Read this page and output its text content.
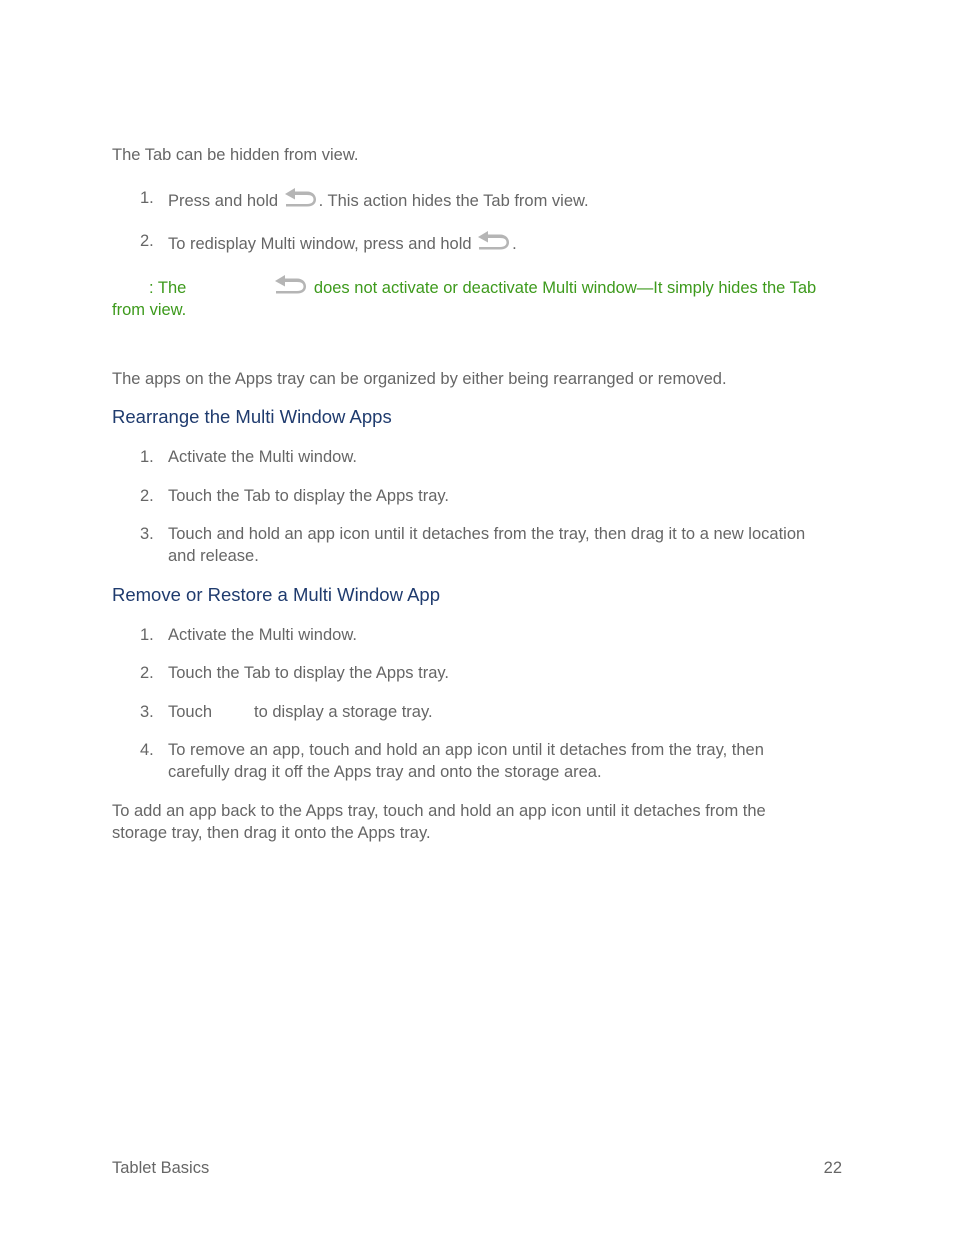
The Tab can be hidden from view.

1. Press and hold . This action hides the Tab from view.
2. To redisplay Multi window, press and hold .
: The	does not activate or deactivate Multi window—It simply hides the Tab
from view.

The apps on the Apps tray can be organized by either being rearranged or removed.

Rearrange the Multi Window Apps
1. Activate the Multi window.
2. Touch the Tab to display the Apps tray.
3. Touch and hold an app icon until it detaches from the tray, then drag it to a new location
and release.
Remove or Restore a Multi Window App
1. Activate the Multi window.
2. Touch the Tab to display the Apps tray.
3. Touch	to display a storage tray.
4. To remove an app, touch and hold an app icon until it detaches from the tray, then
carefully drag it off the Apps tray and onto the storage area.

To add an app back to the Apps tray, touch and hold an app icon until it detaches from the
storage tray, then drag it onto the Apps tray.

Tablet Basics	22
